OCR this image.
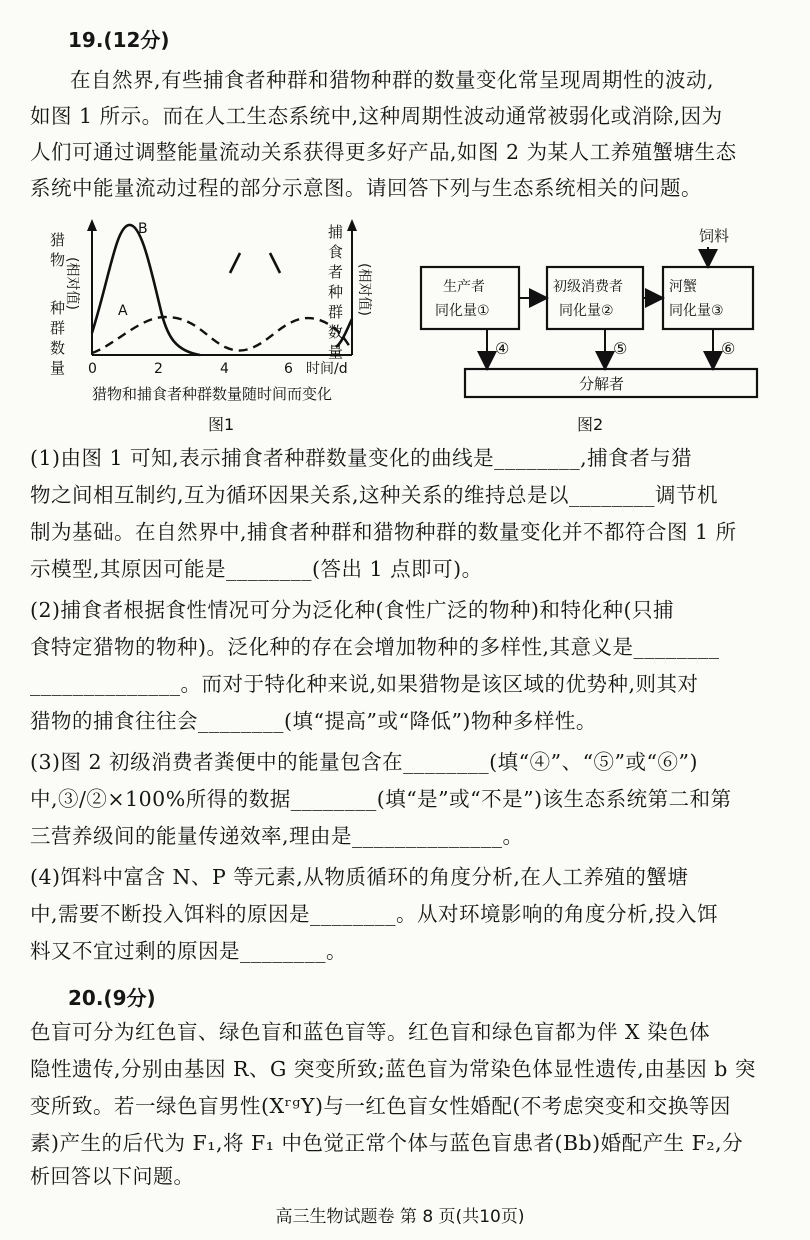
19.(12分)
在自然界,有些捕食者种群和猎物种群的数量变化常呈现周期性的波动,
如图 1 所示。而在人工生态系统中,这种周期性波动通常被弱化或消除,因为
人们可通过调整能量流动关系获得更多好产品,如图 2 为某人工养殖蟹塘生态
系统中能量流动过程的部分示意图。请回答下列与生态系统相关的问题。
猎
物
种
群
数
量
(相对值)
捕
食
者
种
群
数
量
(相对值)
B
A
0	2	4	6 时间/d
猎物和捕食者种群数量随时间而变化
图1
饲料
生产者
同化量①
初级消费者
同化量②
河蟹
同化量③
④	⑤	⑥
分解者
图2
(1)由图 1 可知,表示捕食者种群数量变化的曲线是________,捕食者与猎
物之间相互制约,互为循环因果关系,这种关系的维持总是以________调节机
制为基础。在自然界中,捕食者种群和猎物种群的数量变化并不都符合图 1 所
示模型,其原因可能是________(答出 1 点即可)。
(2)捕食者根据食性情况可分为泛化种(食性广泛的物种)和特化种(只捕
食特定猎物的物种)。泛化种的存在会增加物种的多样性,其意义是________
______________。而对于特化种来说,如果猎物是该区域的优势种,则其对
猎物的捕食往往会________(填“提高”或“降低”)物种多样性。
(3)图 2 初级消费者粪便中的能量包含在________(填“④”、“⑤”或“⑥”)
中,③/②×100%所得的数据________(填“是”或“不是”)该生态系统第二和第
三营养级间的能量传递效率,理由是______________。
(4)饵料中富含 N、P 等元素,从物质循环的角度分析,在人工养殖的蟹塘
中,需要不断投入饵料的原因是________。从对环境影响的角度分析,投入饵
料又不宜过剩的原因是________。
20.(9分)
色盲可分为红色盲、绿色盲和蓝色盲等。红色盲和绿色盲都为伴 X 染色体
隐性遗传,分别由基因 R、G 突变所致;蓝色盲为常染色体显性遗传,由基因 b 突
变所致。若一绿色盲男性(XʳᵍY)与一红色盲女性婚配(不考虑突变和交换等因
素)产生的后代为 F₁,将 F₁ 中色觉正常个体与蓝色盲患者(Bb)婚配产生 F₂,分
高三生物试题卷 第 8 页(共10页)
析回答以下问题。
